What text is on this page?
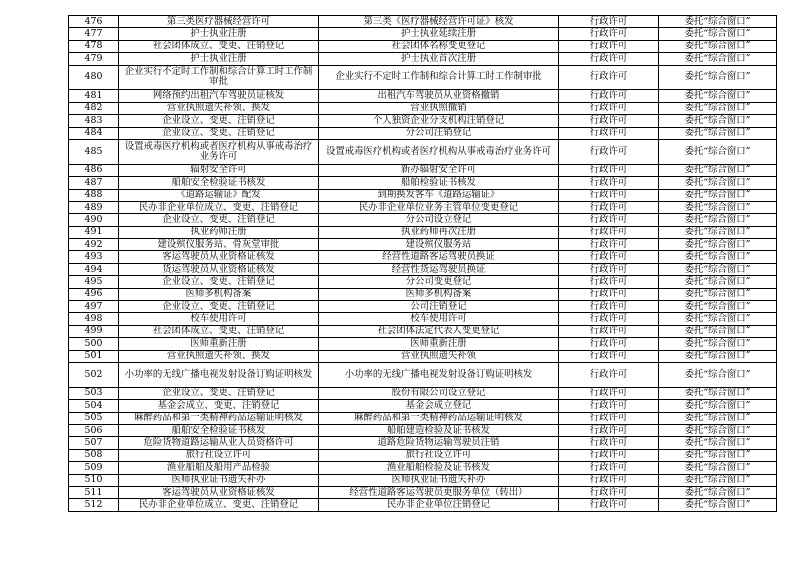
476	第三类医疗器械经营许可	第三类《医疗器械经营许可证》核发	行政许可	委托“综合窗口”
477	护士执业注册	护士执业延续注册	行政许可	委托“综合窗口”
478	社会团体成立、变更、注销登记	社会团体名称变更登记	行政许可	委托“综合窗口”
479	护士执业注册	护士执业首次注册	行政许可	委托“综合窗口”
480	企业实行不定时工作制和综合计算工时工作制审批	企业实行不定时工作制和综合计算工时工作制审批	行政许可	委托“综合窗口”
481	网络预约出租汽车驾驶员证核发	出租汽车驾驶员从业资格撤销	行政许可	委托“综合窗口”
482	营业执照遗失补领、换发	营业执照撤销	行政许可	委托“综合窗口”
483	企业设立、变更、注销登记	个人独资企业分支机构注销登记	行政许可	委托“综合窗口”
484	企业设立、变更、注销登记	分公司注销登记	行政许可	委托“综合窗口”
485	设置戒毒医疗机构或者医疗机构从事戒毒治疗业务许可	设置戒毒医疗机构或者医疗机构从事戒毒治疗业务许可	行政许可	委托“综合窗口”
486	辐射安全许可	新办辐射安全许可	行政许可	委托“综合窗口”
487	船舶安全检验证书核发	船舶检验证书核发	行政许可	委托“综合窗口”
488	《道路运输证》配发	到期换发客车《道路运输证》	行政许可	委托“综合窗口”
489	民办非企业单位成立、变更、注销登记	民办非企业单位业务主管单位变更登记	行政许可	委托“综合窗口”
490	企业设立、变更、注销登记	分公司设立登记	行政许可	委托“综合窗口”
491	执业药师注册	执业药师再次注册	行政许可	委托“综合窗口”
492	建设殡仪服务站、骨灰堂审批	建设殡仪服务站	行政许可	委托“综合窗口”
493	客运驾驶员从业资格证核发	经营性道路客运驾驶员换证	行政许可	委托“综合窗口”
494	货运驾驶员从业资格证核发	经营性货运驾驶员换证	行政许可	委托“综合窗口”
495	企业设立、变更、注销登记	分公司变更登记	行政许可	委托“综合窗口”
496	医师多机构备案	医师多机构备案	行政许可	委托“综合窗口”
497	企业设立、变更、注销登记	公司注销登记	行政许可	委托“综合窗口”
498	校车使用许可	校车使用许可	行政许可	委托“综合窗口”
499	社会团体成立、变更、注销登记	社会团体法定代表人变更登记	行政许可	委托“综合窗口”
500	医师重新注册	医师重新注册	行政许可	委托“综合窗口”
501	营业执照遗失补领、换发	营业执照遗失补领	行政许可	委托“综合窗口”
502	小功率的无线广播电视发射设备订购证明核发	小功率的无线广播电视发射设备订购证明核发	行政许可	委托“综合窗口”
503	企业设立、变更、注销登记	股份有限公司设立登记	行政许可	委托“综合窗口”
504	基金会成立、变更、注销登记	基金会成立登记	行政许可	委托“综合窗口”
505	麻醉药品和第一类精神药品运输证明核发	麻醉药品和第一类精神药品运输证明核发	行政许可	委托“综合窗口”
506	船舶安全检验证书核发	船舶建造检验及证书核发	行政许可	委托“综合窗口”
507	危险货物道路运输从业人员资格许可	道路危险货物运输驾驶员注销	行政许可	委托“综合窗口”
508	旅行社设立许可	旅行社设立许可	行政许可	委托“综合窗口”
509	渔业船舶及船用产品检验	渔业船舶检验及证书核发	行政许可	委托“综合窗口”
510	医师执业证书遗失补办	医师执业证书遗失补办	行政许可	委托“综合窗口”
511	客运驾驶员从业资格证核发	经营性道路客运驾驶员更服务单位（转出）	行政许可	委托“综合窗口”
512	民办非企业单位成立、变更、注销登记	民办非企业单位注销登记	行政许可	委托“综合窗口”
